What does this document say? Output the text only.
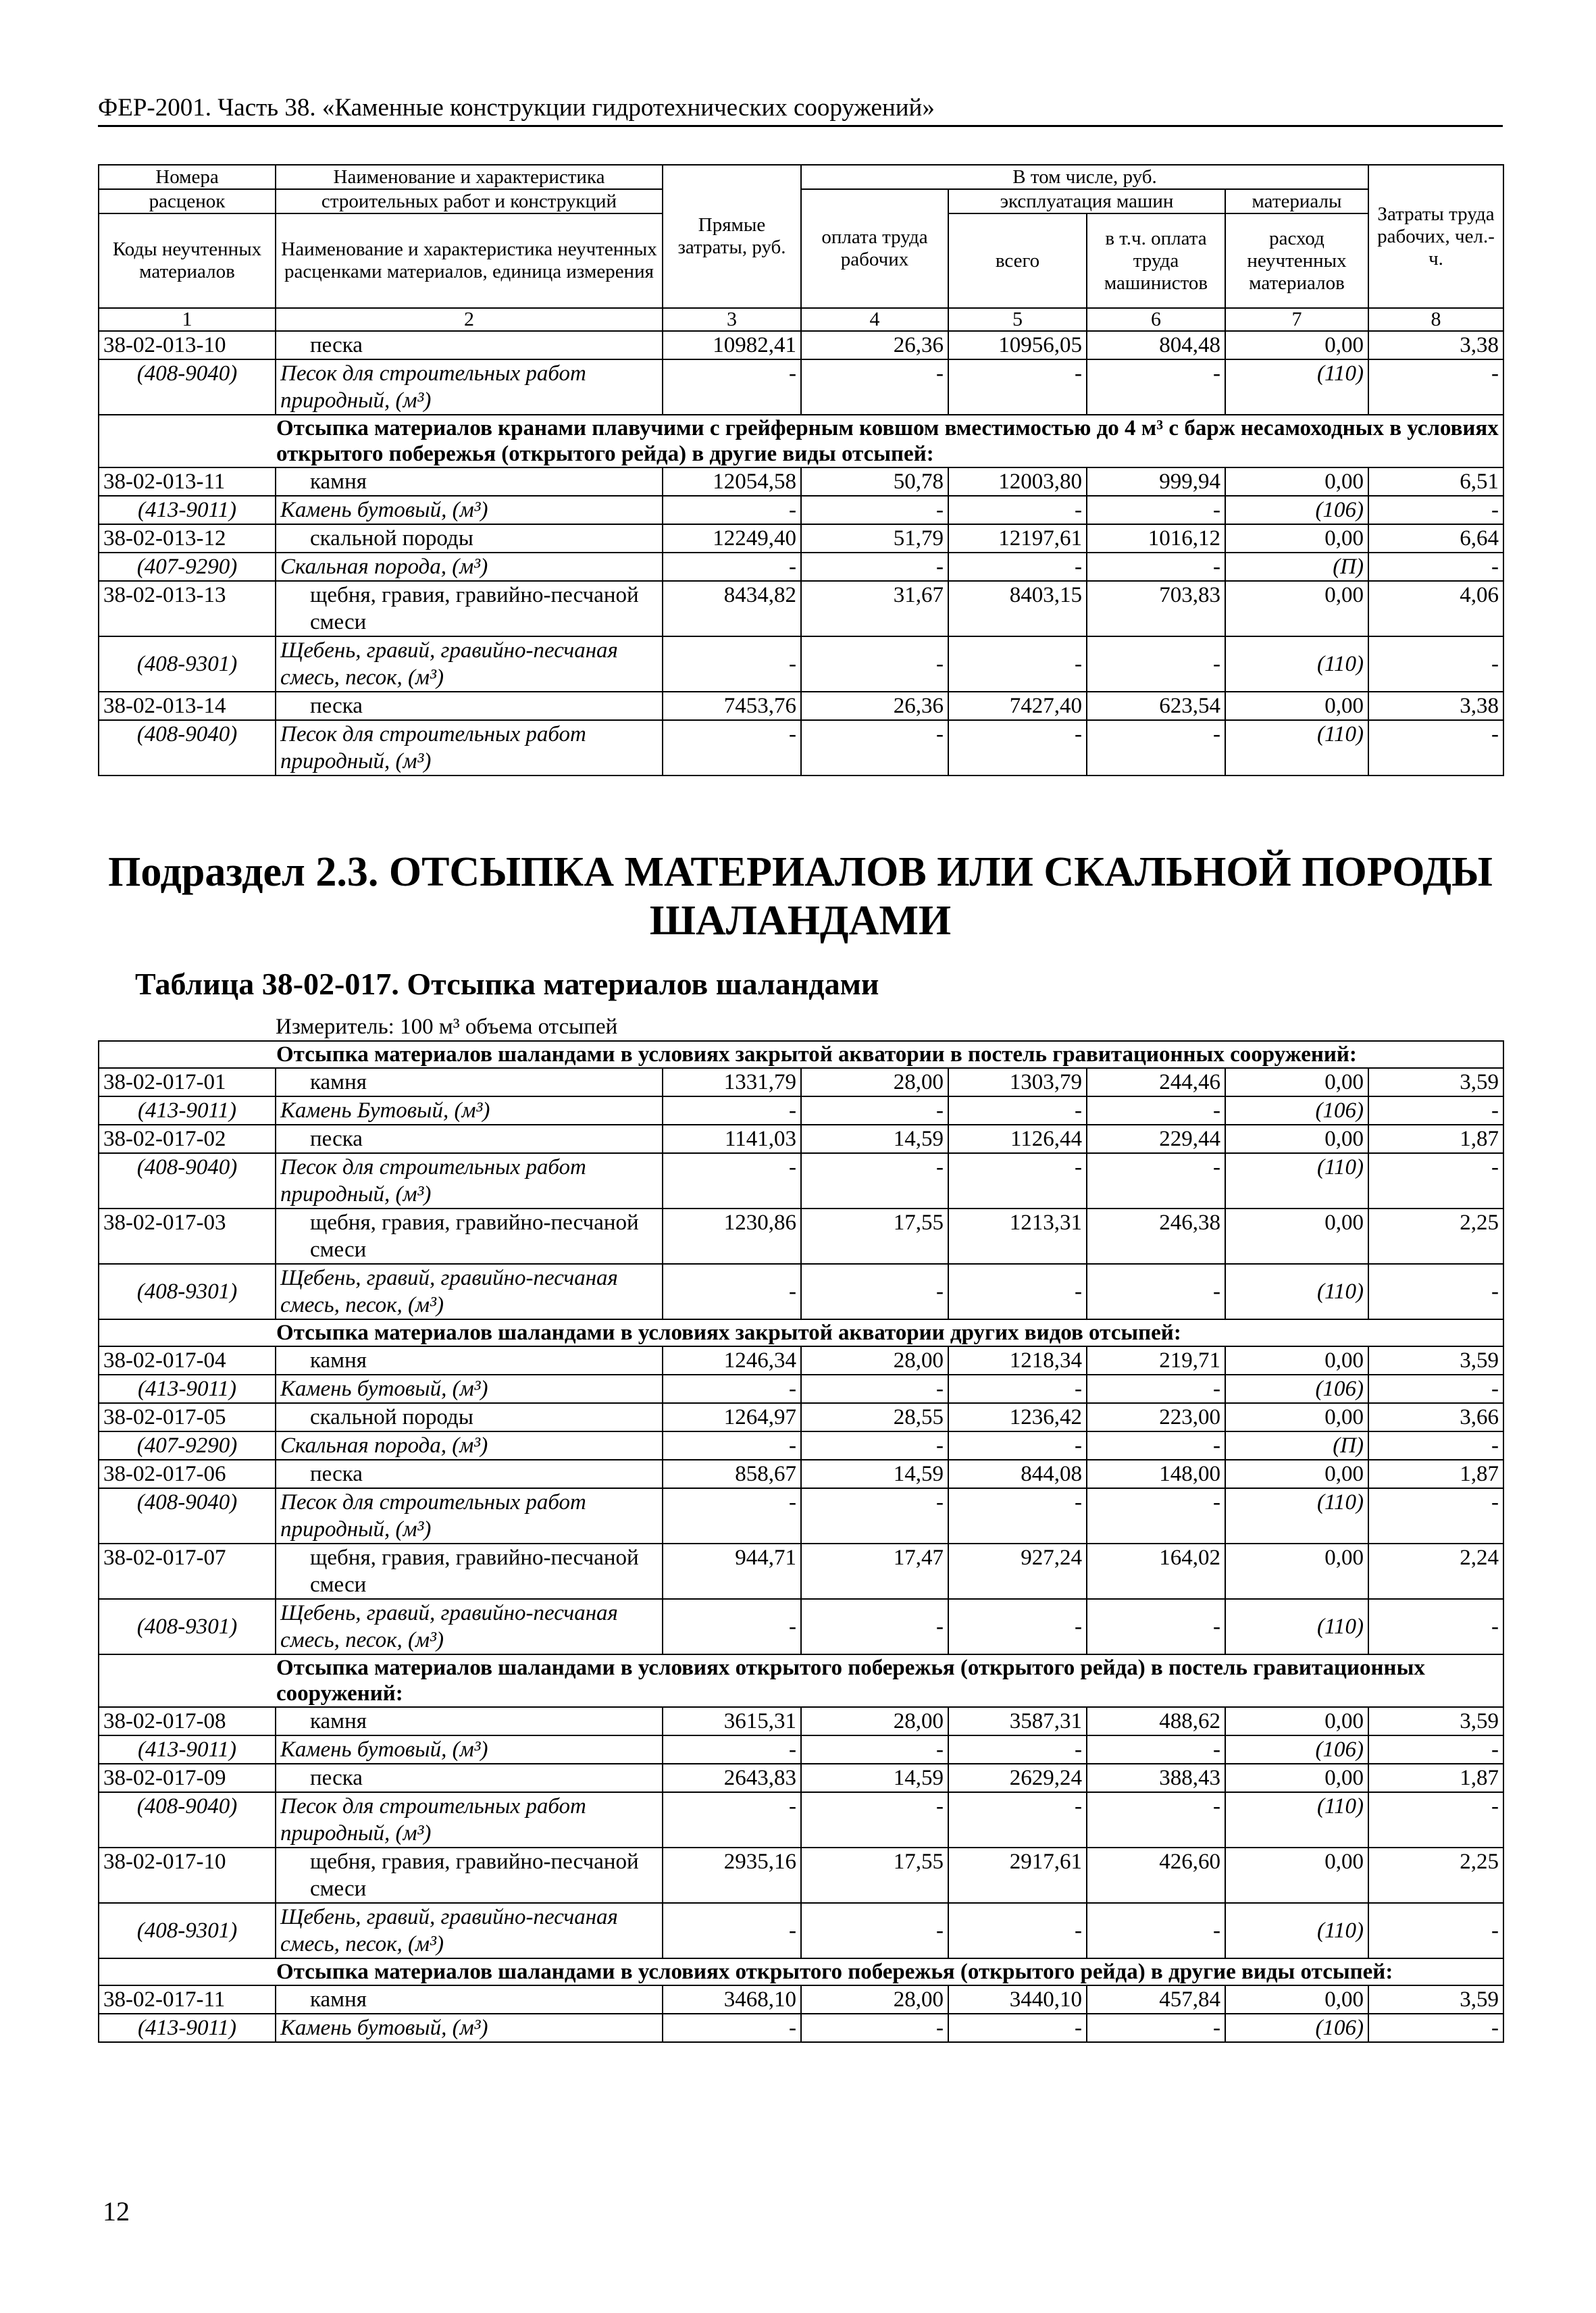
ФЕР-2001. Часть 38. «Каменные конструкции гидротехнических сооружений»
Номера	Наименование и характеристика	Прямые затраты, руб.	В том числе, руб.				Затраты труда рабочих, чел.-ч.
расценок	строительных работ и конструкций		оплата труда рабочих	эксплуатация машин		материалы	
Коды неучтенных материалов	Наименование и характеристика неучтенных расценками материалов, единица измерения			всего	в т.ч. оплата труда машинистов	расход неучтенных материалов	
1	2	3	4	5	6	7	8
38-02-013-10	песка	10982,41	26,36	10956,05	804,48	0,00	3,38
(408-9040)	Песок для строительных работ природный, (м³)	-	-	-	-	(110)	-
Отсыпка материалов кранами плавучими с грейферным ковшом вместимостью до 4 м³ с барж несамоходных в условиях открытого побережья (открытого рейда) в другие виды отсыпей:							
38-02-013-11	камня	12054,58	50,78	12003,80	999,94	0,00	6,51
(413-9011)	Камень бутовый, (м³)	-	-	-	-	(106)	-
38-02-013-12	скальной породы	12249,40	51,79	12197,61	1016,12	0,00	6,64
(407-9290)	Скальная порода, (м³)	-	-	-	-	(П)	-
38-02-013-13	щебня, гравия, гравийно-песчаной смеси	8434,82	31,67	8403,15	703,83	0,00	4,06
(408-9301)	Щебень, гравий, гравийно-песчаная смесь, песок, (м³)	-	-	-	-	(110)	-
38-02-013-14	песка	7453,76	26,36	7427,40	623,54	0,00	3,38
(408-9040)	Песок для строительных работ природный, (м³)	-	-	-	-	(110)	-
Подраздел 2.3. ОТСЫПКА МАТЕРИАЛОВ ИЛИ СКАЛЬНОЙ ПОРОДЫ ШАЛАНДАМИ
Таблица 38-02-017. Отсыпка материалов шаландами
Измеритель: 100 м³ объема отсыпей
Отсыпка материалов шаландами в условиях закрытой акватории в постель гравитационных сооружений:							
38-02-017-01	камня	1331,79	28,00	1303,79	244,46	0,00	3,59
(413-9011)	Камень Бутовый, (м³)	-	-	-	-	(106)	-
38-02-017-02	песка	1141,03	14,59	1126,44	229,44	0,00	1,87
(408-9040)	Песок для строительных работ природный, (м³)	-	-	-	-	(110)	-
38-02-017-03	щебня, гравия, гравийно-песчаной смеси	1230,86	17,55	1213,31	246,38	0,00	2,25
(408-9301)	Щебень, гравий, гравийно-песчаная смесь, песок, (м³)	-	-	-	-	(110)	-
Отсыпка материалов шаландами в условиях закрытой акватории других видов отсыпей:							
38-02-017-04	камня	1246,34	28,00	1218,34	219,71	0,00	3,59
(413-9011)	Камень бутовый, (м³)	-	-	-	-	(106)	-
38-02-017-05	скальной породы	1264,97	28,55	1236,42	223,00	0,00	3,66
(407-9290)	Скальная порода, (м³)	-	-	-	-	(П)	-
38-02-017-06	песка	858,67	14,59	844,08	148,00	0,00	1,87
(408-9040)	Песок для строительных работ природный, (м³)	-	-	-	-	(110)	-
38-02-017-07	щебня, гравия, гравийно-песчаной смеси	944,71	17,47	927,24	164,02	0,00	2,24
(408-9301)	Щебень, гравий, гравийно-песчаная смесь, песок, (м³)	-	-	-	-	(110)	-
Отсыпка материалов шаландами в условиях открытого побережья (открытого рейда) в постель гравитационных сооружений:							
38-02-017-08	камня	3615,31	28,00	3587,31	488,62	0,00	3,59
(413-9011)	Камень бутовый, (м³)	-	-	-	-	(106)	-
38-02-017-09	песка	2643,83	14,59	2629,24	388,43	0,00	1,87
(408-9040)	Песок для строительных работ природный, (м³)	-	-	-	-	(110)	-
38-02-017-10	щебня, гравия, гравийно-песчаной смеси	2935,16	17,55	2917,61	426,60	0,00	2,25
(408-9301)	Щебень, гравий, гравийно-песчаная смесь, песок, (м³)	-	-	-	-	(110)	-
Отсыпка материалов шаландами в условиях открытого побережья (открытого рейда) в другие виды отсыпей:							
38-02-017-11	камня	3468,10	28,00	3440,10	457,84	0,00	3,59
(413-9011)	Камень бутовый, (м³)	-	-	-	-	(106)	-
12
